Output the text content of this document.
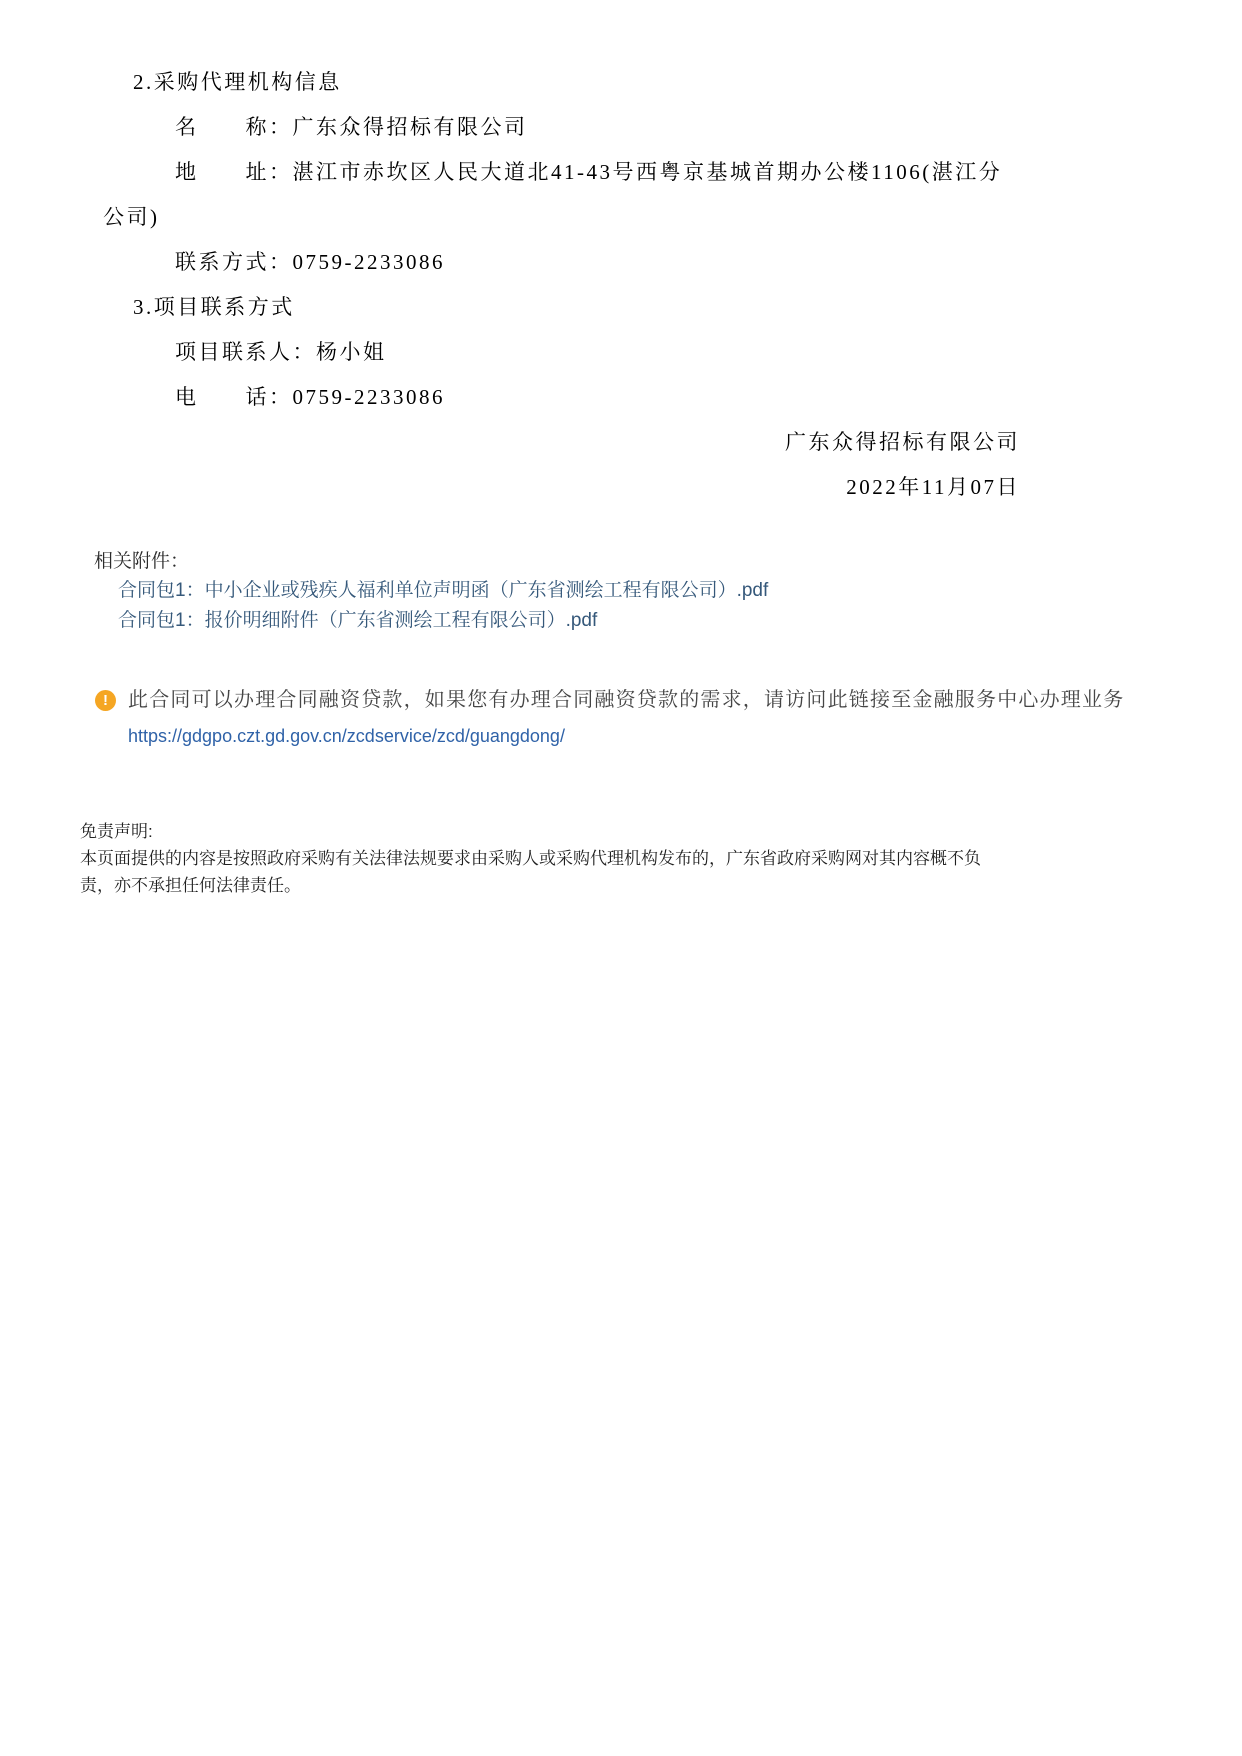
2.采购代理机构信息

名　　称：广东众得招标有限公司

地　　址：湛江市赤坎区人民大道北41-43号西粤京基城首期办公楼1106(湛江分公司)

联系方式：0759-2233086

3.项目联系方式

项目联系人：杨小姐

电　　话：0759-2233086

广东众得招标有限公司

2022年11月07日

相关附件：
合同包1：中小企业或残疾人福利单位声明函（广东省测绘工程有限公司）.pdf
合同包1：报价明细附件（广东省测绘工程有限公司）.pdf
!	此合同可以办理合同融资贷款，如果您有办理合同融资贷款的需求，请访问此链接至金融服务中心办理业务
https://gdgpo.czt.gd.gov.cn/zcdservice/zcd/guangdong/

免责声明:

本页面提供的内容是按照政府采购有关法律法规要求由采购人或采购代理机构发布的，广东省政府采购网对其内容概不负责，亦不承担任何法律责任。
